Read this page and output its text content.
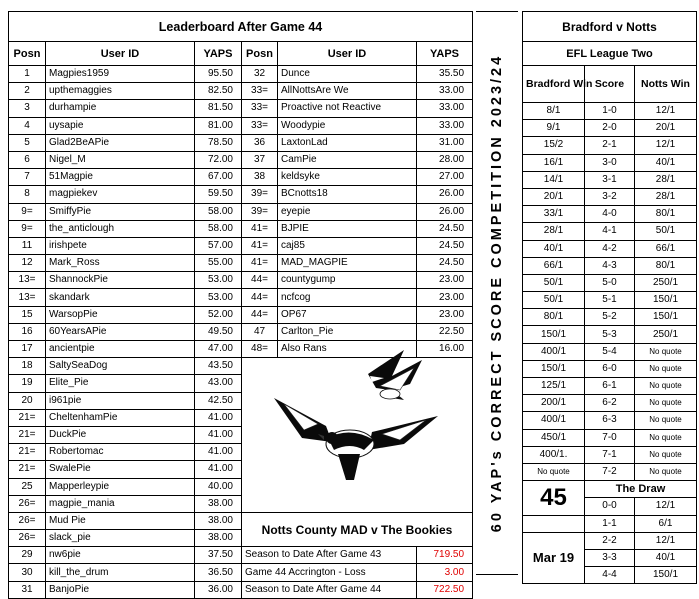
Leaderboard After Game 44					
Posn	User ID	YAPS	Posn	User ID	YAPS
1	Magpies1959	95.50	32	Dunce	35.50
2	upthemaggies	82.50	33=	AllNottsAre We	33.00
3	durhampie	81.50	33=	Proactive not Reactive	33.00
4	uysapie	81.00	33=	Woodypie	33.00
5	Glad2BeAPie	78.50	36	LaxtonLad	31.00
6	Nigel_M	72.00	37	CamPie	28.00
7	51Magpie	67.00	38	keldsyke	27.00
8	magpiekev	59.50	39=	BCnotts18	26.00
9=	SmiffyPie	58.00	39=	eyepie	26.00
9=	the_anticlough	58.00	41=	BJPIE	24.50
11	irishpete	57.00	41=	caj85	24.50
12	Mark_Ross	55.00	41=	MAD_MAGPIE	24.50
13=	ShannockPie	53.00	44=	countygump	23.00
13=	skandark	53.00	44=	ncfcog	23.00
15	WarsopPie	52.00	44=	OP67	23.00
16	60YearsAPie	49.50	47	Carlton_Pie	22.50
17	ancientpie	47.00	48=	Also Rans	16.00
18	SaltySeaDog	43.50			
19	Elite_Pie	43.00			
20	i961pie	42.50			
21=	CheltenhamPie	41.00			
21=	DuckPie	41.00			
21=	Robertomac	41.00			
21=	SwalePie	41.00			
25	Mapperleypie	40.00			
26=	magpie_mania	38.00			
26=	Mud Pie	38.00	Notts County MAD v The Bookies		
26=	slack_pie	38.00			
29	nw6pie	37.50	Season to Date After Game 43		719.50
30	kill_the_drum	36.50	Game 44 Accrington - Loss		3.00
31	BanjoPie	36.00	Season to Date After Game 44		722.50
60 YAP's CORRECT SCORE COMPETITION 2023/24
Bradford v Notts		
EFL League Two		
Bradford Win	Score	Notts Win
8/1	1-0	12/1
9/1	2-0	20/1
15/2	2-1	12/1
16/1	3-0	40/1
14/1	3-1	28/1
20/1	3-2	28/1
33/1	4-0	80/1
28/1	4-1	50/1
40/1	4-2	66/1
66/1	4-3	80/1
50/1	5-0	250/1
50/1	5-1	150/1
80/1	5-2	150/1
150/1	5-3	250/1
400/1	5-4	No quote
150/1	6-0	No quote
125/1	6-1	No quote
200/1	6-2	No quote
400/1	6-3	No quote
450/1	7-0	No quote
400/1.	7-1	No quote
No quote	7-2	No quote
45	The Draw	

	0-0	12/1
	1-1	6/1
Mar 19	2-2	12/1
	3-3	40/1
	4-4	150/1
